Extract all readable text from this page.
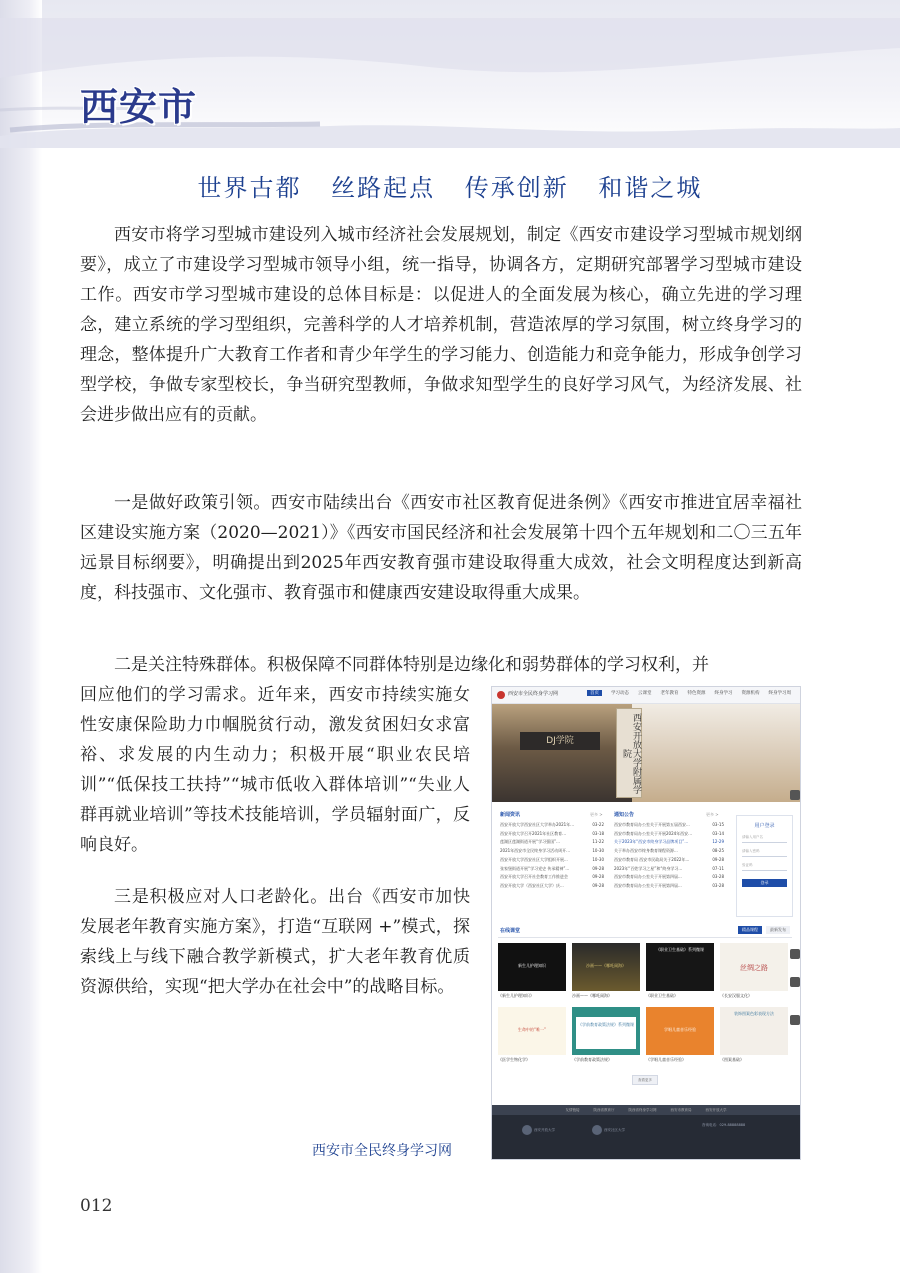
西安市
世界古都 丝路起点 传承创新 和谐之城

西安市将学习型城市建设列入城市经济社会发展规划，制定《西安市建设学习型城市规划纲要》，成立了市建设学习型城市领导小组，统一指导，协调各方，定期研究部署学习型城市建设工作。西安市学习型城市建设的总体目标是：以促进人的全面发展为核心，确立先进的学习理念，建立系统的学习型组织，完善科学的人才培养机制，营造浓厚的学习氛围，树立终身学习的理念，整体提升广大教育工作者和青少年学生的学习能力、创造能力和竞争能力，形成争创学习型学校，争做专家型校长，争当研究型教师，争做求知型学生的良好学习风气，为经济发展、社会进步做出应有的贡献。

一是做好政策引领。西安市陆续出台《西安市社区教育促进条例》《西安市推进宜居幸福社区建设实施方案（2020—2021）》《西安市国民经济和社会发展第十四个五年规划和二〇三五年远景目标纲要》，明确提出到2025年西安教育强市建设取得重大成效，社会文明程度达到新高度，科技强市、文化强市、教育强市和健康西安建设取得重大成果。

二是关注特殊群体。积极保障不同群体特别是边缘化和弱势群体的学习权利，并

回应他们的学习需求。近年来，西安市持续实施女性安康保险助力巾帼脱贫行动，激发贫困妇女求富裕、求发展的内生动力；积极开展“职业农民培训”“低保技工扶持”“城市低收入群体培训”“失业人群再就业培训”等技术技能培训，学员辐射面广，反响良好。

三是积极应对人口老龄化。出台《西安市加快发展老年教育实施方案》，打造“互联网 +”模式，探索线上与线下融合教学新模式，扩大老年教育优质资源供给，实现“把大学办在社会中”的战略目标。

西安市全民终身学习网	首页	学习动态 云课堂 老年教育 特色资源 终身学习 资源机构 终身学习周
DJ学院	西安开放大学附属学院
新闻资讯	更多 >
西安开放大学西安社区大学举办2021年...	03-22
西安开放大学召开2021年社区教育...	03-18
莲湖区莲湖街道开展“学习强国”...	11-22
2021年西安市全民终身学习活动周开...	10-30
西安开放大学西安社区大学组织开展...	10-30
张家堡街道开展“学习党史 传承精神”...	09-28
西安开放大学召开社会教育工作推进会	09-28
西安开放大学（西安社区大学）庆...	09-28
通知公告	更多 >
西安市教育局办公室关于开展第五届西安...	03-15
西安市教育局办公室关于开展2024年西安...	03-14
关于2023年“西安市终身学习品牌项目”...	12-29
关于举办西安市终身教育课程资源...	08-25
西安市教育局 西安市民政局关于2022年...	09-28
2023年“百姓学习之星”和“终身学习...	07-11
西安市教育局办公室关于开展第四届...	03-28
西安市教育局办公室关于开展第四届...	03-28
用户登录
请输入用户名
请输入密码
验证码
登录
在线课堂	精品课程	最新发布
新生儿护理知识	沙画——《哪吒闹海》
《职业卫生基础》系列微课
丝绸之路
《新生儿护理知识》	沙画——《哪吒闹海》	《职业卫生基础》	《长安汉服文化》
生命中的“唯一”
《学前教育政策法规》系列微课
学唱儿童音乐经验
装饰图案色彩表现方法
《医学生物化学》	《学前教育政策法规》	《学唱儿童音乐经验》	《图案基础》
查看更多
友情链接	陕西省教育厅	陕西省终身学习网	西安市教育局	西安开放大学
西安开放大学	西安社区大学
咨询电话：029-88888888
西安市全民终身学习网
012
